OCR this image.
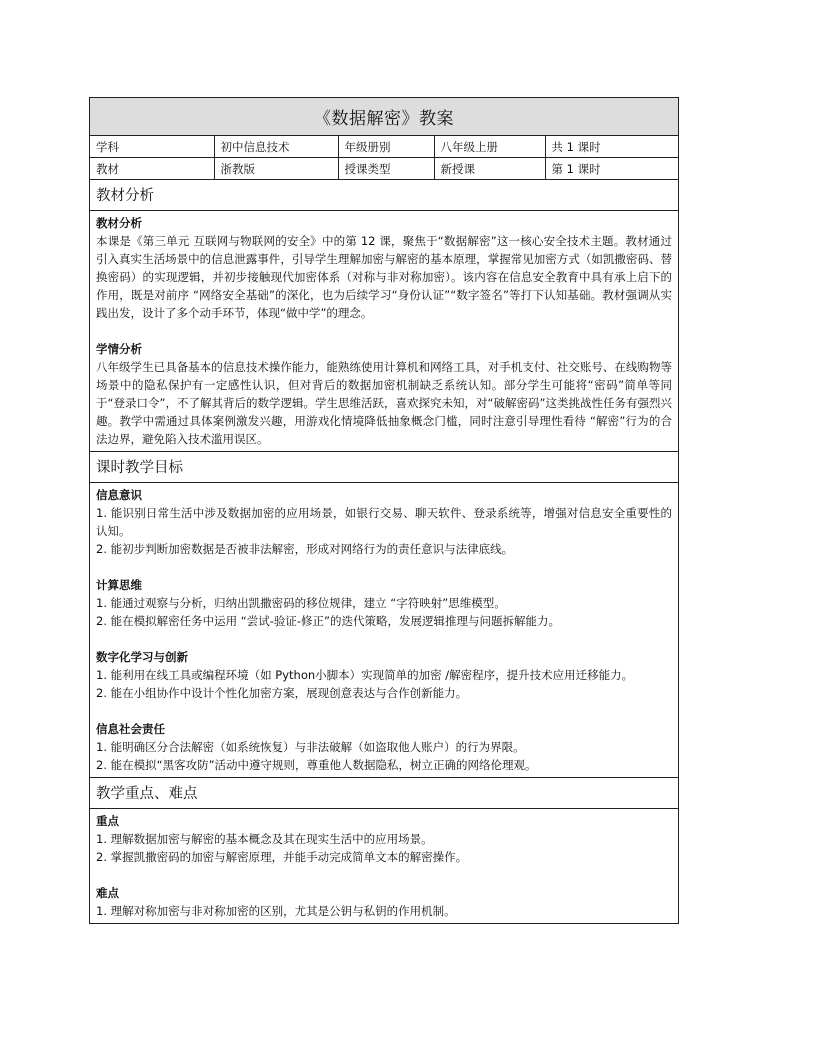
《数据解密》教案
学科	初中信息技术	年级册别	八年级上册	共 1 课时
教材	浙教版	授课类型	新授课	第 1 课时
教材分析
教材分析
本课是《第三单元 互联网与物联网的安全》中的第 12 课，聚焦于“数据解密”这一核心安全技术主题。教材通过引入真实生活场景中的信息泄露事件，引导学生理解加密与解密的基本原理，掌握常见加密方式（如凯撒密码、替换密码）的实现逻辑，并初步接触现代加密体系（对称与非对称加密）。该内容在信息安全教育中具有承上启下的作用，既是对前序 “网络安全基础”的深化，也为后续学习“身份认证”“数字签名”等打下认知基础。教材强调从实践出发，设计了多个动手环节，体现“做中学”的理念。
学情分析
八年级学生已具备基本的信息技术操作能力，能熟练使用计算机和网络工具，对手机支付、社交账号、在线购物等场景中的隐私保护有一定感性认识，但对背后的数据加密机制缺乏系统认知。部分学生可能将“密码”简单等同于“登录口令”，不了解其背后的数学逻辑。学生思维活跃，喜欢探究未知，对“破解密码”这类挑战性任务有强烈兴趣。教学中需通过具体案例激发兴趣，用游戏化情境降低抽象概念门槛，同时注意引导理性看待 “解密”行为的合法边界，避免陷入技术滥用误区。
课时教学目标
信息意识
1. 能识别日常生活中涉及数据加密的应用场景，如银行交易、聊天软件、登录系统等，增强对信息安全重要性的认知。
2. 能初步判断加密数据是否被非法解密，形成对网络行为的责任意识与法律底线。
计算思维
1. 能通过观察与分析，归纳出凯撒密码的移位规律，建立 “字符映射”思维模型。
2. 能在模拟解密任务中运用 “尝试-验证-修正”的迭代策略，发展逻辑推理与问题拆解能力。
数字化学习与创新
1. 能利用在线工具或编程环境（如 Python小脚本）实现简单的加密 /解密程序，提升技术应用迁移能力。
2. 能在小组协作中设计个性化加密方案，展现创意表达与合作创新能力。
信息社会责任
1. 能明确区分合法解密（如系统恢复）与非法破解（如盗取他人账户）的行为界限。
2. 能在模拟“黑客攻防”活动中遵守规则，尊重他人数据隐私，树立正确的网络伦理观。
教学重点、难点
重点
1. 理解数据加密与解密的基本概念及其在现实生活中的应用场景。
2. 掌握凯撒密码的加密与解密原理，并能手动完成简单文本的解密操作。
难点
1. 理解对称加密与非对称加密的区别，尤其是公钥与私钥的作用机制。
